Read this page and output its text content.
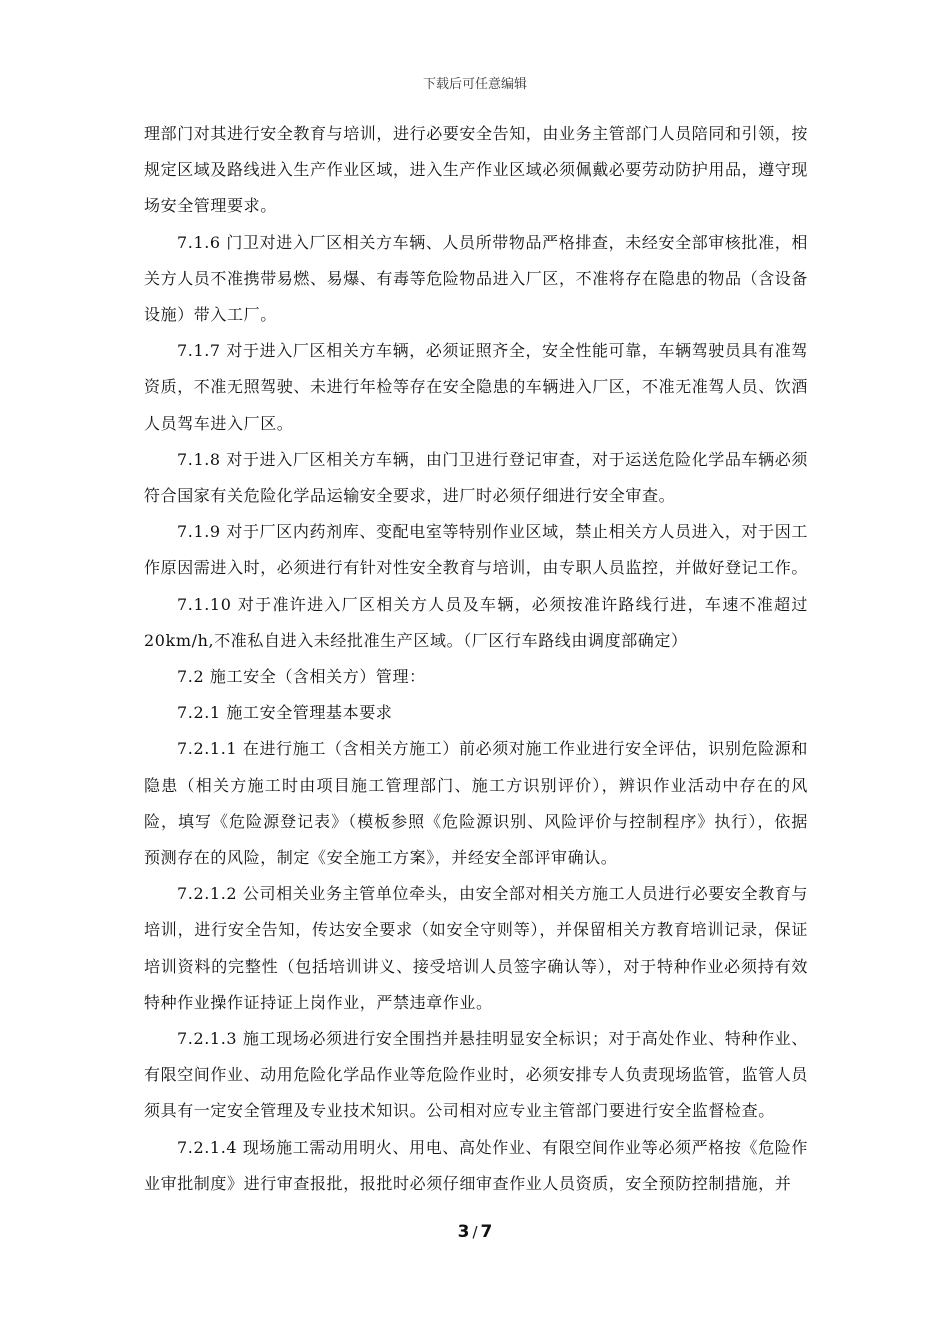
下载后可任意编辑

理部门对其进行安全教育与培训，进行必要安全告知，由业务主管部门人员陪同和引领，按规定区域及路线进入生产作业区域，进入生产作业区域必须佩戴必要劳动防护用品，遵守现场安全管理要求。

7.1.6 门卫对进入厂区相关方车辆、人员所带物品严格排查，未经安全部审核批准，相关方人员不准携带易燃、易爆、有毒等危险物品进入厂区，不准将存在隐患的物品（含设备设施）带入工厂。

7.1.7 对于进入厂区相关方车辆，必须证照齐全，安全性能可靠，车辆驾驶员具有准驾资质，不准无照驾驶、未进行年检等存在安全隐患的车辆进入厂区，不准无准驾人员、饮酒人员驾车进入厂区。

7.1.8 对于进入厂区相关方车辆，由门卫进行登记审查，对于运送危险化学品车辆必须符合国家有关危险化学品运输安全要求，进厂时必须仔细进行安全审查。

7.1.9 对于厂区内药剂库、变配电室等特别作业区域，禁止相关方人员进入，对于因工作原因需进入时，必须进行有针对性安全教育与培训，由专职人员监控，并做好登记工作。

7.1.10 对于准许进入厂区相关方人员及车辆，必须按准许路线行进，车速不准超过20km/h,不准私自进入未经批准生产区域。（厂区行车路线由调度部确定）

7.2 施工安全（含相关方）管理：

7.2.1 施工安全管理基本要求

7.2.1.1 在进行施工（含相关方施工）前必须对施工作业进行安全评估，识别危险源和隐患（相关方施工时由项目施工管理部门、施工方识别评价），辨识作业活动中存在的风险，填写《危险源登记表》（模板参照《危险源识别、风险评价与控制程序》执行），依据预测存在的风险，制定《安全施工方案》，并经安全部评审确认。

7.2.1.2 公司相关业务主管单位牵头，由安全部对相关方施工人员进行必要安全教育与培训，进行安全告知，传达安全要求（如安全守则等），并保留相关方教育培训记录，保证培训资料的完整性（包括培训讲义、接受培训人员签字确认等），对于特种作业必须持有效特种作业操作证持证上岗作业，严禁违章作业。

7.2.1.3 施工现场必须进行安全围挡并悬挂明显安全标识；对于高处作业、特种作业、有限空间作业、动用危险化学品作业等危险作业时，必须安排专人负责现场监管，监管人员须具有一定安全管理及专业技术知识。公司相对应专业主管部门要进行安全监督检查。

7.2.1.4 现场施工需动用明火、用电、高处作业、有限空间作业等必须严格按《危险作业审批制度》进行审查报批，报批时必须仔细审查作业人员资质，安全预防控制措施，并

3 / 7
